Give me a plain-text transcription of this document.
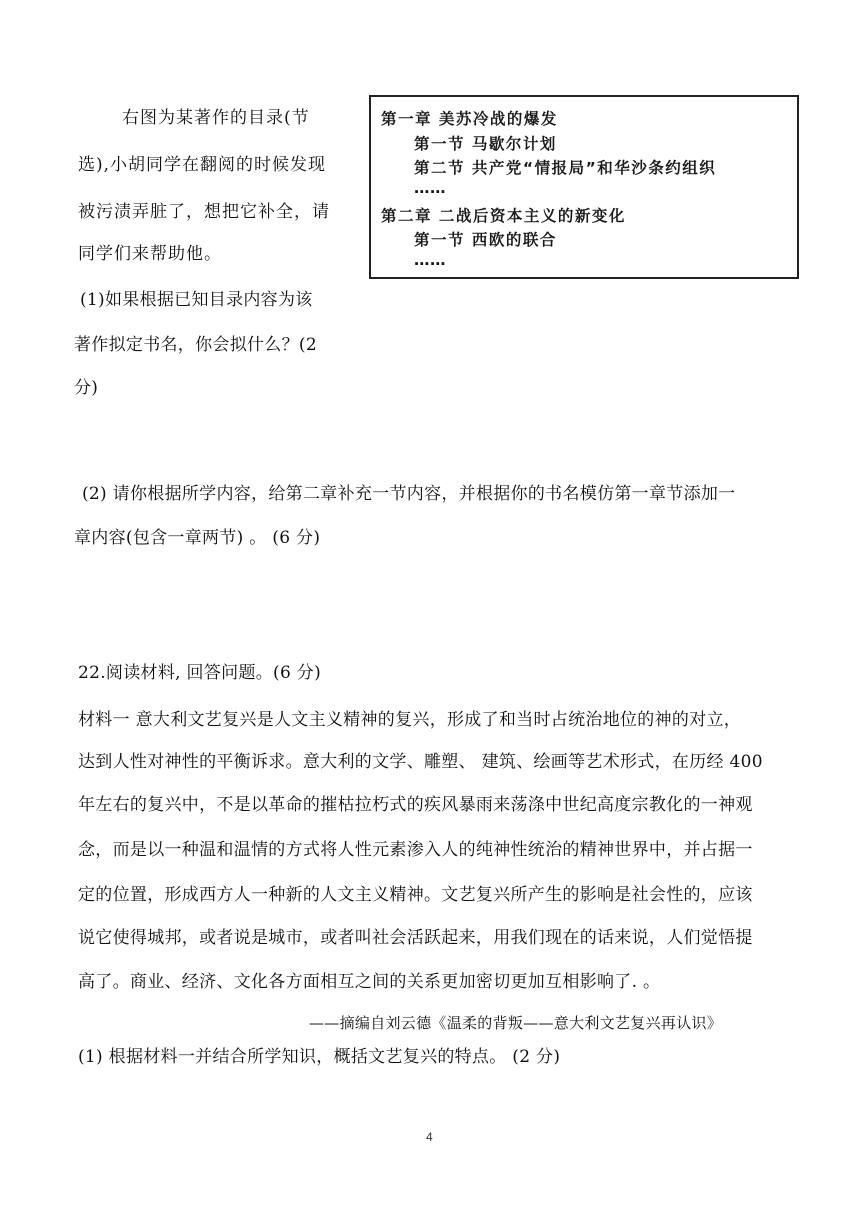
右图为某著作的目录(节
选),小胡同学在翻阅的时候发现
被污渍弄脏了，想把它补全，请
同学们来帮助他。
第一章 美苏冷战的爆发
第一节 马歇尔计划
第二节 共产党“情报局”和华沙条约组织
……
第二章 二战后资本主义的新变化
第一节 西欧的联合
……
(1)如果根据已知目录内容为该
著作拟定书名，你会拟什么？(2
分)
(2) 请你根据所学内容，给第二章补充一节内容，并根据你的书名模仿第一章节添加一
章内容(包含一章两节) 。 (6 分)
22.阅读材料, 回答问题。(6 分)
材料一 意大利文艺复兴是人文主义精神的复兴，形成了和当时占统治地位的神的对立，
达到人性对神性的平衡诉求。意大利的文学、雕塑、 建筑、绘画等艺术形式，在历经 400
年左右的复兴中，不是以革命的摧枯拉朽式的疾风暴雨来荡涤中世纪高度宗教化的一神观
念，而是以一种温和温情的方式将人性元素渗入人的纯神性统治的精神世界中，并占据一
定的位置，形成西方人一种新的人文主义精神。文艺复兴所产生的影响是社会性的，应该
说它使得城邦，或者说是城市，或者叫社会活跃起来，用我们现在的话来说，人们觉悟提
高了。商业、经济、文化各方面相互之间的关系更加密切更加互相影响了. 。
——摘编自刘云德《温柔的背叛——意大利文艺复兴再认识》
(1) 根据材料一并结合所学知识，概括文艺复兴的特点。 (2 分)
4
